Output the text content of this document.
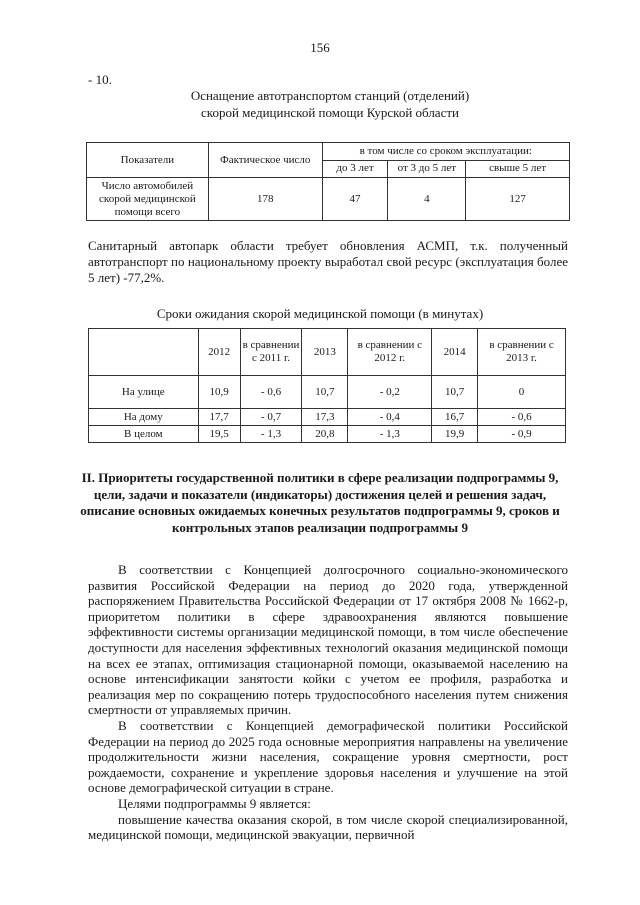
156
- 10.
Оснащение автотранспортом станций (отделений)
скорой медицинской помощи Курской области
Показатели	Фактическое число	в том числе со сроком эксплуатации:		
		до 3 лет	от 3 до 5 лет	свыше 5 лет
Число автомобилей скорой медицинской помощи всего	178	47	4	127
Санитарный автопарк области требует обновления АСМП, т.к. полученный автотранспорт по национальному проекту выработал свой ресурс (эксплуатация более 5 лет) -77,2%.
Сроки ожидания скорой медицинской помощи (в минутах)
	2012	в сравнении с 2011 г.	2013	в сравнении с 2012 г.	2014	в сравнении с 2013 г.
На улице	10,9	- 0,6	10,7	- 0,2	10,7	0
На дому	17,7	- 0,7	17,3	- 0,4	16,7	- 0,6
В целом	19,5	- 1,3	20,8	- 1,3	19,9	- 0,9
II. Приоритеты государственной политики в сфере реализации подпрограммы 9, цели, задачи и показатели (индикаторы) достижения целей и решения задач, описание основных ожидаемых конечных результатов подпрограммы 9, сроков и контрольных этапов реализации подпрограммы 9

В соответствии с Концепцией долгосрочного социально-экономического развития Российской Федерации на период до 2020 года, утвержденной распоряжением Правительства Российской Федерации от 17 октября 2008 № 1662-р, приоритетом политики в сфере здравоохранения являются повышение эффективности системы организации медицинской помощи, в том числе обеспечение доступности для населения эффективных технологий оказания медицинской помощи на всех ее этапах, оптимизация стационарной помощи, оказываемой населению на основе интенсификации занятости койки с учетом ее профиля, разработка и реализация мер по сокращению потерь трудоспособного населения путем снижения смертности от управляемых причин.

В соответствии с Концепцией демографической политики Российской Федерации на период до 2025 года основные мероприятия направлены на увеличение продолжительности жизни населения, сокращение уровня смертности, рост рождаемости, сохранение и укрепление здоровья населения и улучшение на этой основе демографической ситуации в стране.

Целями подпрограммы 9 является:

повышение качества оказания скорой, в том числе скорой специализированной, медицинской помощи, медицинской эвакуации, первичной
